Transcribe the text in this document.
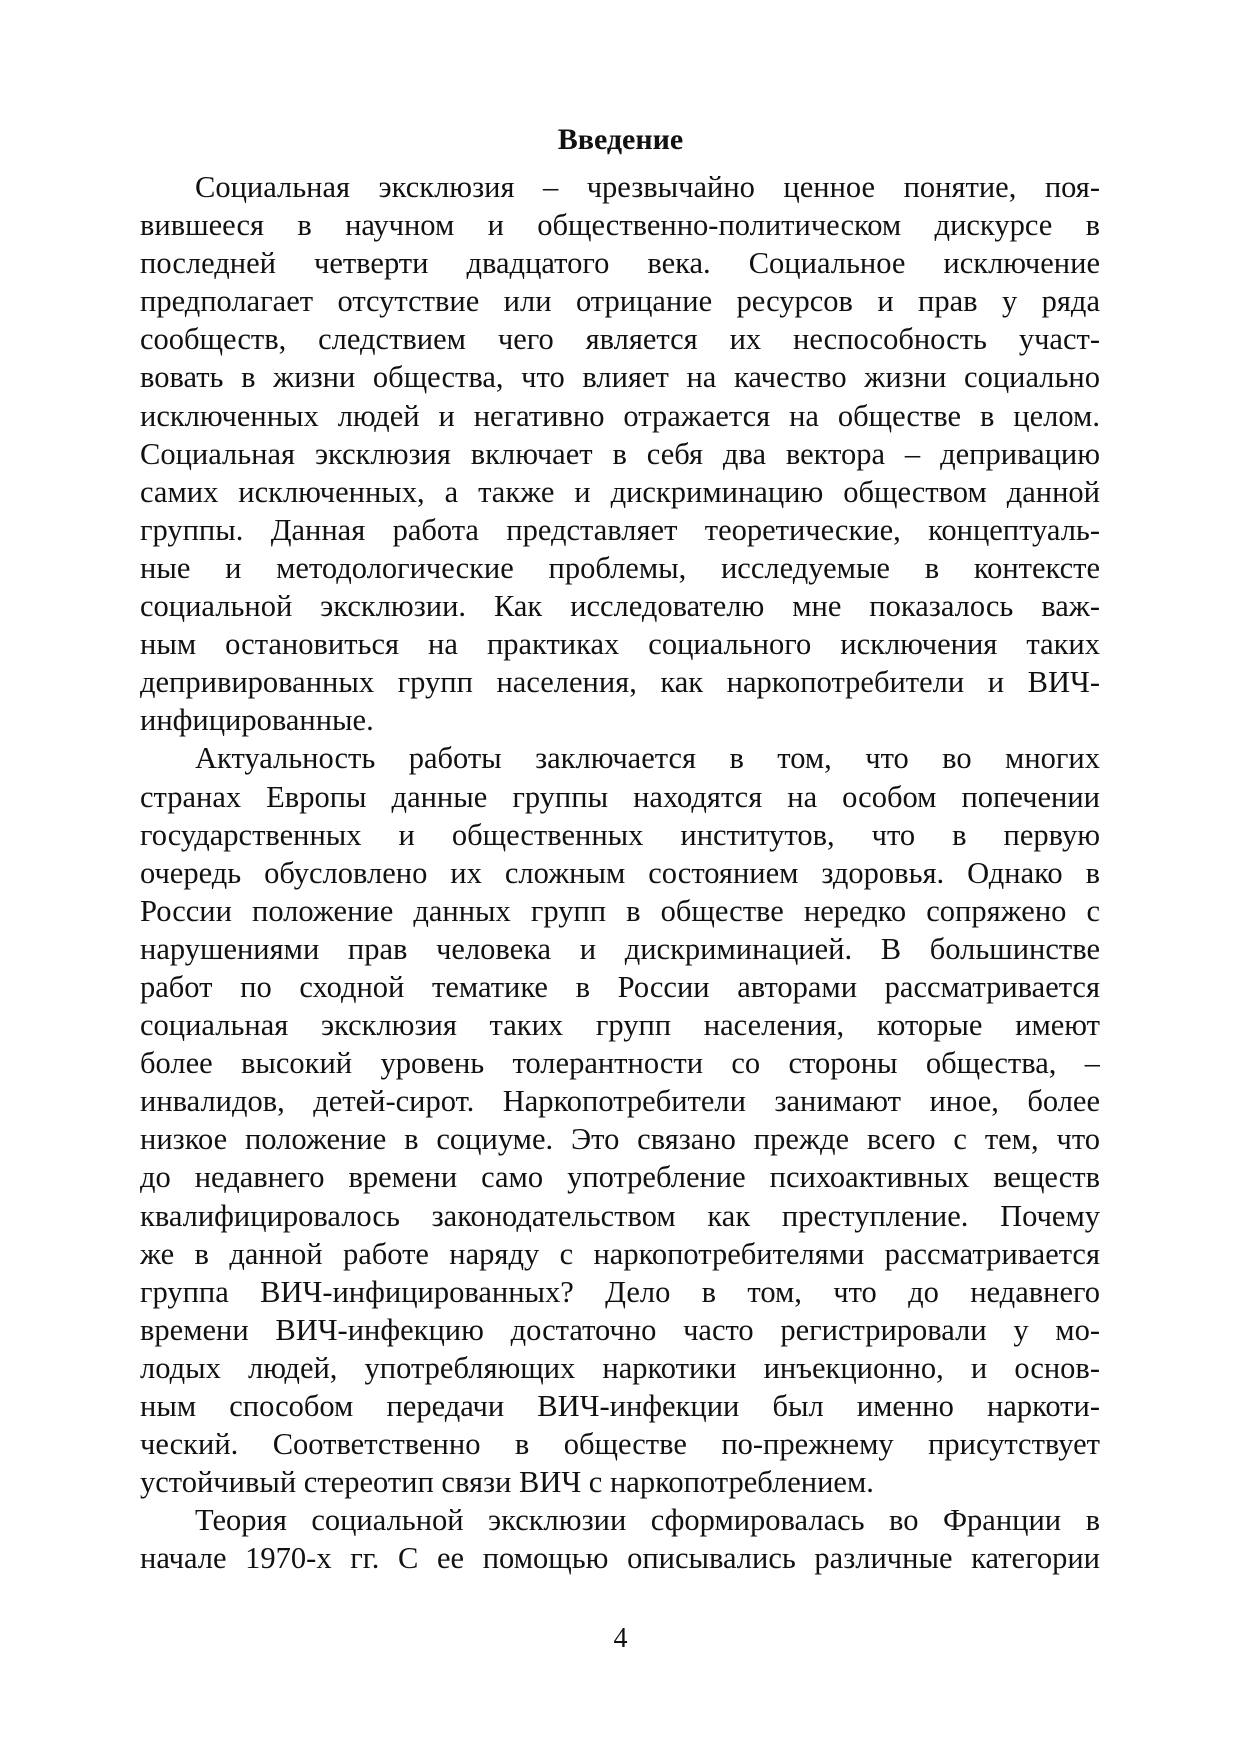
Введение
Социальная эксклюзия – чрезвычайно ценное понятие, поя-
вившееся в научном и общественно-политическом дискурсе в
последней четверти двадцатого века. Социальное исключение
предполагает отсутствие или отрицание ресурсов и прав у ряда
сообществ, следствием чего является их неспособность участ-
вовать в жизни общества, что влияет на качество жизни социально
исключенных людей и негативно отражается на обществе в целом.
Социальная эксклюзия включает в себя два вектора – депривацию
самих исключенных, а также и дискриминацию обществом данной
группы. Данная работа представляет теоретические, концептуаль-
ные и методологические проблемы, исследуемые в контексте
социальной эксклюзии. Как исследователю мне показалось важ-
ным остановиться на практиках социального исключения таких
депривированных групп населения, как наркопотребители и ВИЧ-
инфицированные.
Актуальность работы заключается в том, что во многих
странах Европы данные группы находятся на особом попечении
государственных и общественных институтов, что в первую
очередь обусловлено их сложным состоянием здоровья. Однако в
России положение данных групп в обществе нередко сопряжено с
нарушениями прав человека и дискриминацией. В большинстве
работ по сходной тематике в России авторами рассматривается
социальная эксклюзия таких групп населения, которые имеют
более высокий уровень толерантности со стороны общества, –
инвалидов, детей-сирот. Наркопотребители занимают иное, более
низкое положение в социуме. Это связано прежде всего с тем, что
до недавнего времени само употребление психоактивных веществ
квалифицировалось законодательством как преступление. Почему
же в данной работе наряду с наркопотребителями рассматривается
группа ВИЧ-инфицированных? Дело в том, что до недавнего
времени ВИЧ-инфекцию достаточно часто регистрировали у мо-
лодых людей, употребляющих наркотики инъекционно, и основ-
ным способом передачи ВИЧ-инфекции был именно наркоти-
ческий. Соответственно в обществе по-прежнему присутствует
устойчивый стереотип связи ВИЧ с наркопотреблением.
Теория социальной эксклюзии сформировалась во Франции в
начале 1970-х гг. С ее помощью описывались различные категории
4
